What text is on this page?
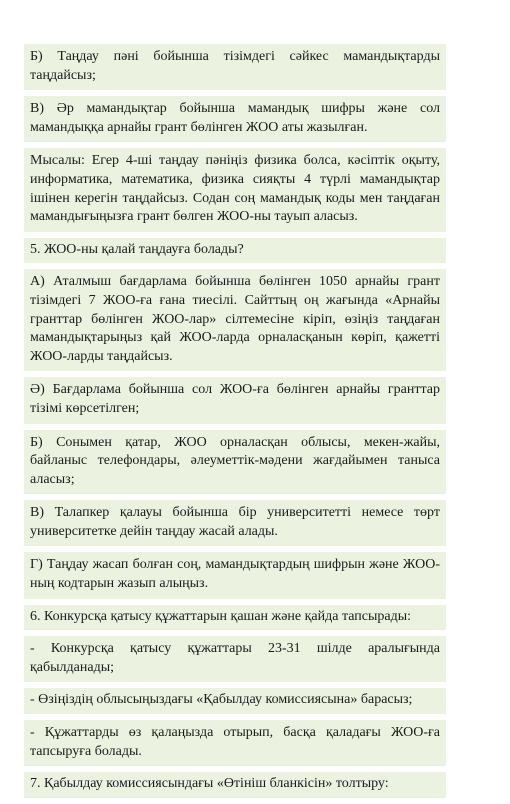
Б) Таңдау пәні бойынша тізімдегі сәйкес мамандықтарды таңдайсыз;

В) Әр мамандықтар бойынша мамандық шифры және сол мамандыққа арнайы грант бөлінген ЖОО аты жазылған.

Мысалы: Егер 4-ші таңдау пәніңіз физика болса, кәсіптік оқыту, информатика, математика, физика сияқты 4 түрлі мамандықтар ішінен керегін таңдайсыз. Содан соң мамандық коды мен таңдаған мамандығыңызға грант бөлген ЖОО-ны тауып аласыз.

5. ЖОО-ны қалай таңдауға болады?

А) Аталмыш бағдарлама бойынша бөлінген 1050 арнайы грант тізімдегі 7 ЖОО-ға ғана тиесілі. Сайттың оң жағында «Арнайы гранттар бөлінген ЖОО-лар» сілтемесіне кіріп, өзіңіз таңдаған мамандықтарыңыз қай ЖОО-ларда орналасқанын көріп, қажетті ЖОО-ларды таңдайсыз.

Ә) Бағдарлама бойынша сол ЖОО-ға бөлінген арнайы гранттар тізімі көрсетілген;

Б) Сонымен қатар, ЖОО орналасқан облысы, мекен-жайы, байланыс телефондары, әлеуметтік-мәдени жағдайымен таныса аласыз;

В) Талапкер қалауы бойынша бір университетті немесе төрт университетке дейін таңдау жасай алады.

Г) Таңдау жасап болған соң, мамандықтардың шифрын және ЖОО-ның кодтарын жазып алыңыз.

6. Конкурсқа қатысу құжаттарын қашан және қайда тапсырады:

- Конкурсқа қатысу құжаттары 23-31 шілде аралығында қабылданады;

- Өзіңіздің облысыңыздағы «Қабылдау комиссиясына» барасыз;

- Құжаттарды өз қалаңызда отырып, басқа қаладағы ЖОО-ға тапсыруға болады.

7. Қабылдау комиссиясындағы «Өтініш бланкісін» толтыру:
